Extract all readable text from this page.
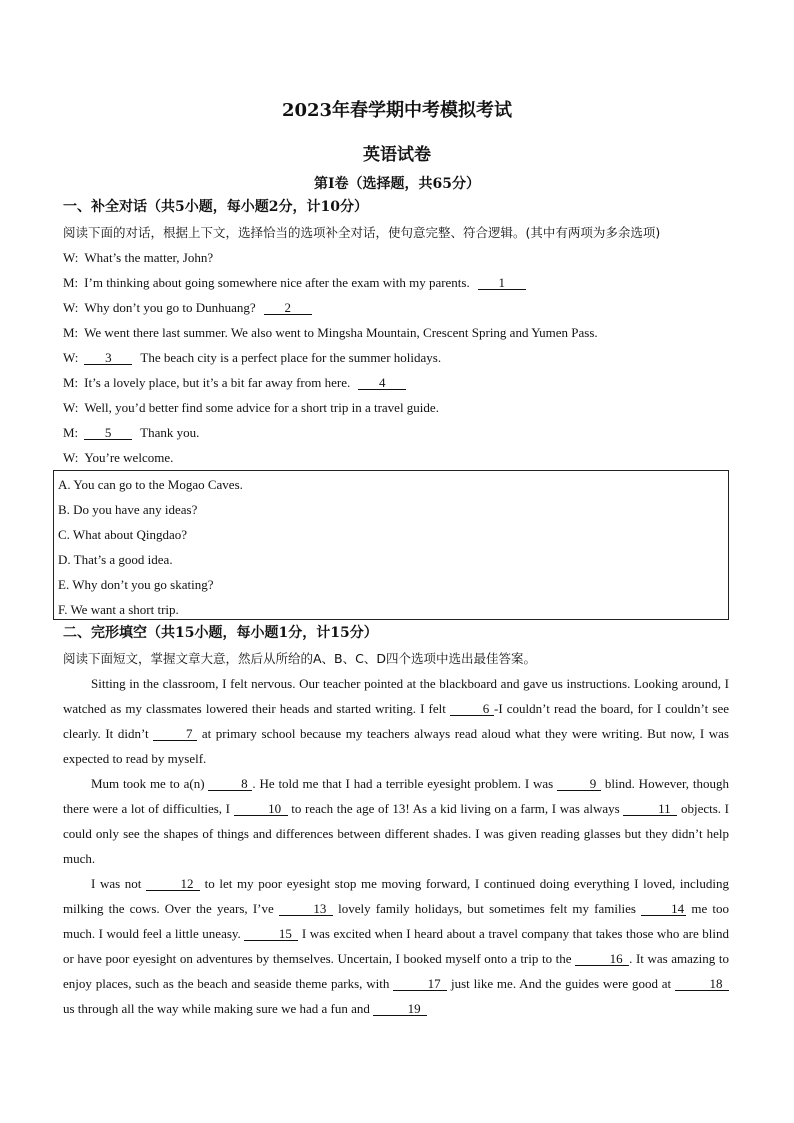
2023年春学期中考模拟考试
英语试卷
第Ⅰ卷（选择题，共65分）
一、补全对话（共5小题，每小题2分，计10分）
阅读下面的对话，根据上下文，选择恰当的选项补全对话，使句意完整、符合逻辑。(其中有两项为多余选项)
W: What’s the matter, John?
M: I’m thinking about going somewhere nice after the exam with my parents. 1
W: Why don’t you go to Dunhuang? 2
M: We went there last summer. We also went to Mingsha Mountain, Crescent Spring and Yumen Pass.
W: 3 The beach city is a perfect place for the summer holidays.
M: It’s a lovely place, but it’s a bit far away from here. 4
W: Well, you’d better find some advice for a short trip in a travel guide.
M: 5 Thank you.
W: You’re welcome.
A. You can go to the Mogao Caves.
B. Do you have any ideas?
C. What about Qingdao?
D. That’s a good idea.
E. Why don’t you go skating?
F. We want a short trip.
二、完形填空（共15小题，每小题1分，计15分）
阅读下面短文，掌握文章大意，然后从所给的A、B、C、D四个选项中选出最佳答案。
Sitting in the classroom, I felt nervous. Our teacher pointed at the blackboard and gave us instructions. Looking around, I watched as my classmates lowered their heads and started writing. I felt	6 -I couldn’t read the board, for I couldn’t see clearly. It didn’t	7 at primary school because my teachers always read aloud what they were writing. But now, I was expected to read by myself.
Mum took me to a(n)	8 . He told me that I had a terrible eyesight problem. I was	9 blind. However, though there were a lot of difficulties, I	10 to reach the age of 13! As a kid living on a farm, I was always	11 objects. I could only see the shapes of things and differences between different shades. I was given reading glasses but they didn’t help much.
I was not	12 to let my poor eyesight stop me moving forward, I continued doing everything I loved, including milking the cows. Over the years, I’ve	13 lovely family holidays, but sometimes felt my families 14 me too much. I would feel a little uneasy.	15 I was excited when I heard about a travel company that takes those who are blind or have poor eyesight on adventures by themselves. Uncertain, I booked myself onto a trip to the	16 . It was amazing to enjoy places, such as the beach and seaside theme parks, with	17 just like me. And the guides were good at	18 us through all the way while making sure we had a fun and	19
